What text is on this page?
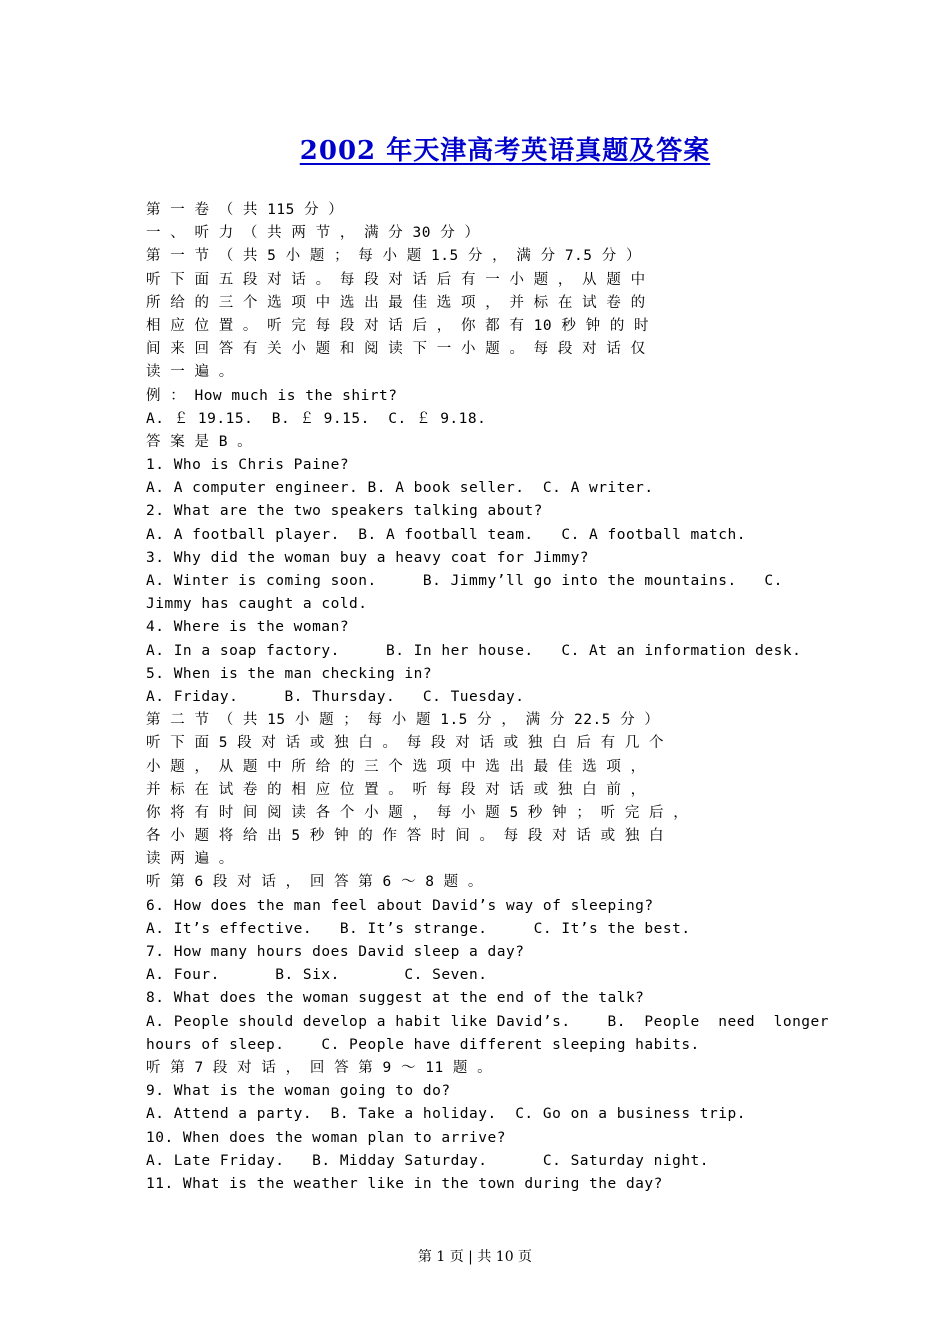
2002 年天津高考英语真题及答案
第 一 卷 （ 共 115 分 ）
一 、 听 力 （ 共 两 节 ， 满 分 30 分 ）
第 一 节 （ 共 5 小 题 ； 每 小 题 1.5 分 ， 满 分 7.5 分 ）
听 下 面 五 段 对 话 。 每 段 对 话 后 有 一 小 题 ， 从 题 中
所 给 的 三 个 选 项 中 选 出 最 佳 选 项 ， 并 标 在 试 卷 的
相 应 位 置 。 听 完 每 段 对 话 后 ， 你 都 有 10 秒 钟 的 时
间 来 回 答 有 关 小 题 和 阅 读 下 一 小 题 。 每 段 对 话 仅
读 一 遍 。
例 ： How much is the shirt?
A. ￡ 19.15.  B. ￡ 9.15.  C. ￡ 9.18.
答 案 是 B 。
1. Who is Chris Paine?
A. A computer engineer. B. A book seller.  C. A writer.
2. What are the two speakers talking about?
A. A football player.  B. A football team.   C. A football match.
3. Why did the woman buy a heavy coat for Jimmy?
A. Winter is coming soon.     B. Jimmy’ll go into the mountains.   C.
Jimmy has caught a cold.
4. Where is the woman?
A. In a soap factory.     B. In her house.   C. At an information desk.
5. When is the man checking in?
A. Friday.     B. Thursday.   C. Tuesday.
第 二 节 （ 共 15 小 题 ； 每 小 题 1.5 分 ， 满 分 22.5 分 ）
听 下 面 5 段 对 话 或 独 白 。 每 段 对 话 或 独 白 后 有 几 个
小 题 ， 从 题 中 所 给 的 三 个 选 项 中 选 出 最 佳 选 项 ，
并 标 在 试 卷 的 相 应 位 置 。 听 每 段 对 话 或 独 白 前 ，
你 将 有 时 间 阅 读 各 个 小 题 ， 每 小 题 5 秒 钟 ； 听 完 后 ，
各 小 题 将 给 出 5 秒 钟 的 作 答 时 间 。 每 段 对 话 或 独 白
读 两 遍 。
听 第 6 段 对 话 ， 回 答 第 6 ～ 8 题 。
6. How does the man feel about David’s way of sleeping?
A. It’s effective.   B. It’s strange.     C. It’s the best.
7. How many hours does David sleep a day?
A. Four.      B. Six.       C. Seven.
8. What does the woman suggest at the end of the talk?
A. People should develop a habit like David’s.    B.  People  need  longer
hours of sleep.    C. People have different sleeping habits.
听 第 7 段 对 话 ， 回 答 第 9 ～ 11 题 。
9. What is the woman going to do?
A. Attend a party.  B. Take a holiday.  C. Go on a business trip.
10. When does the woman plan to arrive?
A. Late Friday.   B. Midday Saturday.      C. Saturday night.
11. What is the weather like in the town during the day?
第 1 页 | 共 10 页
